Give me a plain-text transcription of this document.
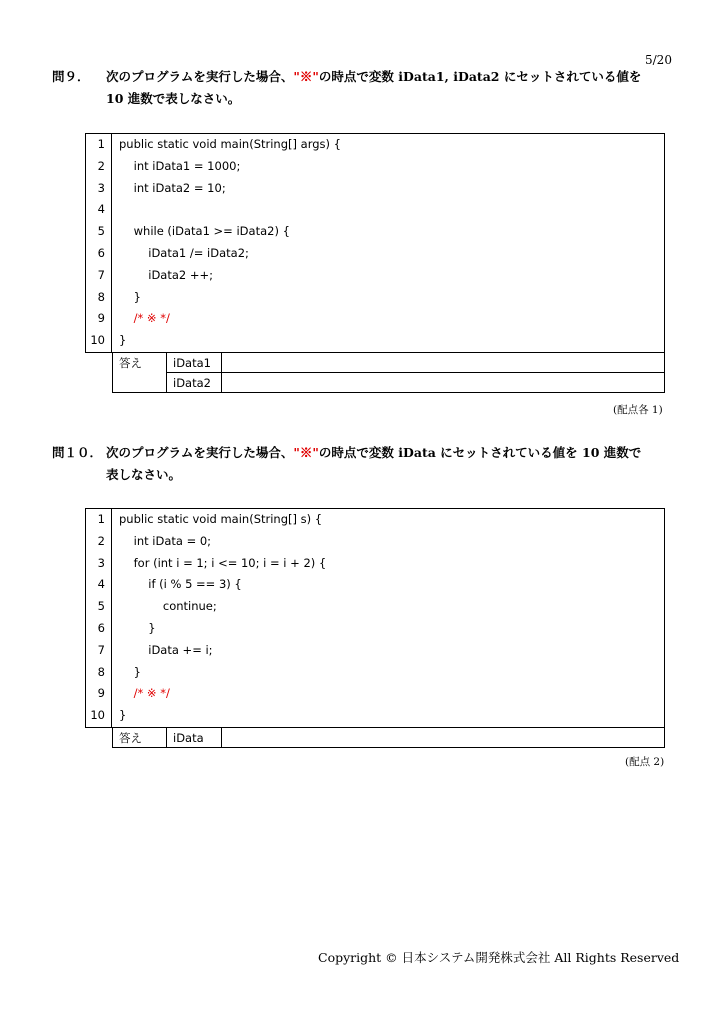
5/20
問９． 次のプログラムを実行した場合、"※"の時点で変数 iData1, iData2 にセットされている値を
10 進数で表しなさい。
1	public static void main(String[] args) {
2	int iData1 = 1000;
3	int iData2 = 10;
4
5	while (iData1 >= iData2) {
6	iData1 /= iData2;
7	iData2 ++;
8	}
9	/* ※ */
10	}
答え	iData1	
	iData2	
(配点各 1)
問１０． 次のプログラムを実行した場合、"※"の時点で変数 iData にセットされている値を 10 進数で
表しなさい。
1	public static void main(String[] s) {
2	int iData = 0;
3	for (int i = 1; i <= 10; i = i + 2) {
4	if (i % 5 == 3) {
5	continue;
6	}
7	iData += i;
8	}
9	/* ※ */
10	}
答え	iData	
(配点 2)
Copyright © 日本システム開発株式会社 All Rights Reserved
